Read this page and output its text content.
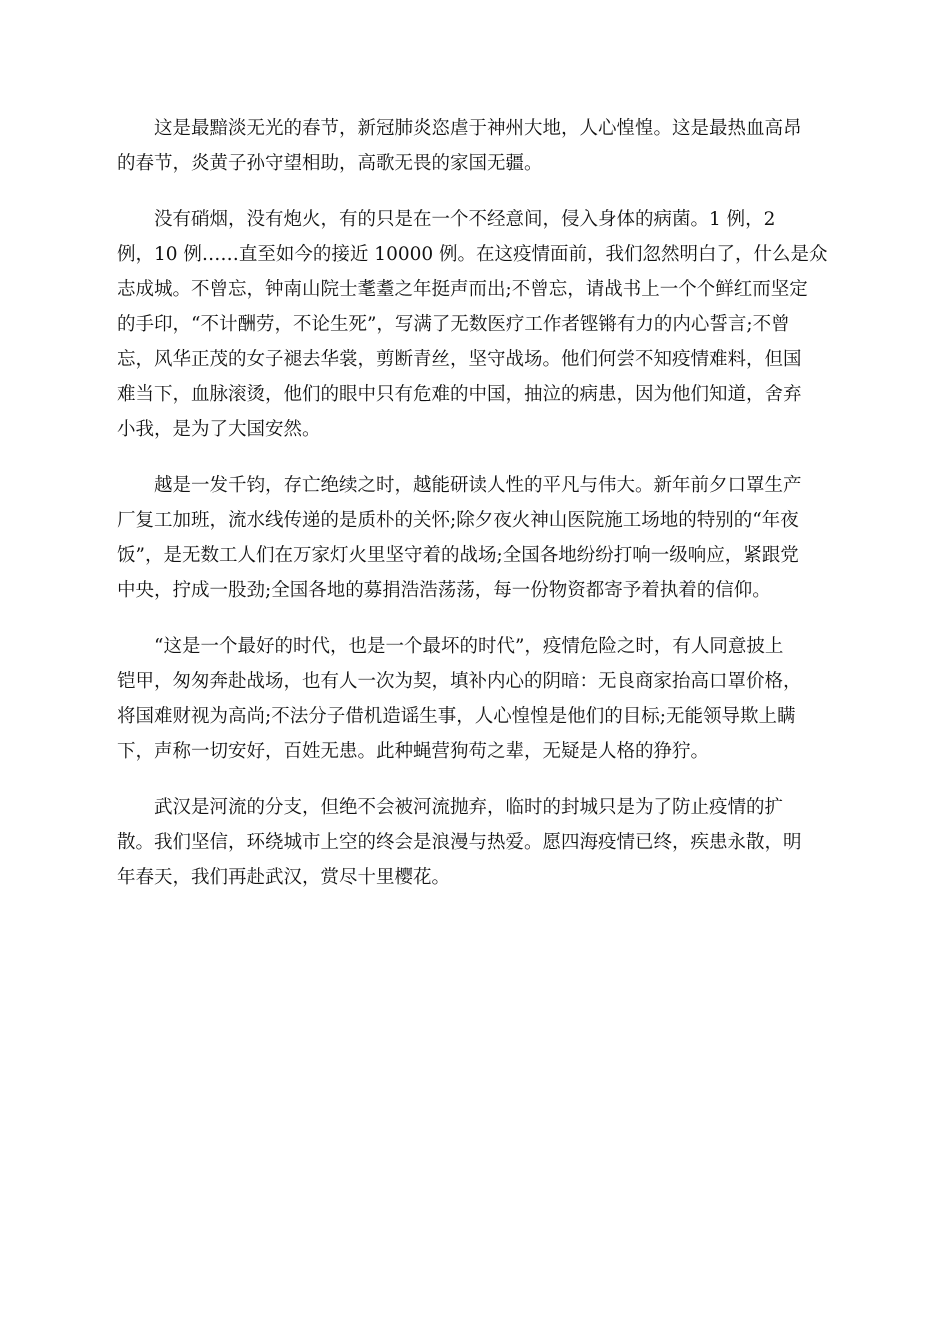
　　这是最黯淡无光的春节，新冠肺炎恣虐于神州大地，人心惶惶。这是最热血高昂
的春节，炎黄子孙守望相助，高歌无畏的家国无疆。

　　没有硝烟，没有炮火，有的只是在一个不经意间，侵入身体的病菌。1 例，2
例，10 例……直至如今的接近 10000 例。在这疫情面前，我们忽然明白了，什么是众
志成城。不曾忘，钟南山院士耄耋之年挺声而出;不曾忘，请战书上一个个鲜红而坚定
的手印，“不计酬劳，不论生死”，写满了无数医疗工作者铿锵有力的内心誓言;不曾
忘，风华正茂的女子褪去华裳，剪断青丝，坚守战场。他们何尝不知疫情难料，但国
难当下，血脉滚烫，他们的眼中只有危难的中国，抽泣的病患，因为他们知道，舍弃
小我，是为了大国安然。

　　越是一发千钧，存亡绝续之时，越能研读人性的平凡与伟大。新年前夕口罩生产
厂复工加班，流水线传递的是质朴的关怀;除夕夜火神山医院施工场地的特别的“年夜
饭”，是无数工人们在万家灯火里坚守着的战场;全国各地纷纷打响一级响应，紧跟党
中央，拧成一股劲;全国各地的募捐浩浩荡荡，每一份物资都寄予着执着的信仰。

　　“这是一个最好的时代，也是一个最坏的时代”，疫情危险之时，有人同意披上
铠甲，匆匆奔赴战场，也有人一次为契，填补内心的阴暗：无良商家抬高口罩价格，
将国难财视为高尚;不法分子借机造谣生事，人心惶惶是他们的目标;无能领导欺上瞒
下，声称一切安好，百姓无患。此种蝇营狗苟之辈，无疑是人格的狰狞。

　　武汉是河流的分支，但绝不会被河流抛弃，临时的封城只是为了防止疫情的扩
散。我们坚信，环绕城市上空的终会是浪漫与热爱。愿四海疫情已终，疾患永散，明
年春天，我们再赴武汉，赏尽十里樱花。
